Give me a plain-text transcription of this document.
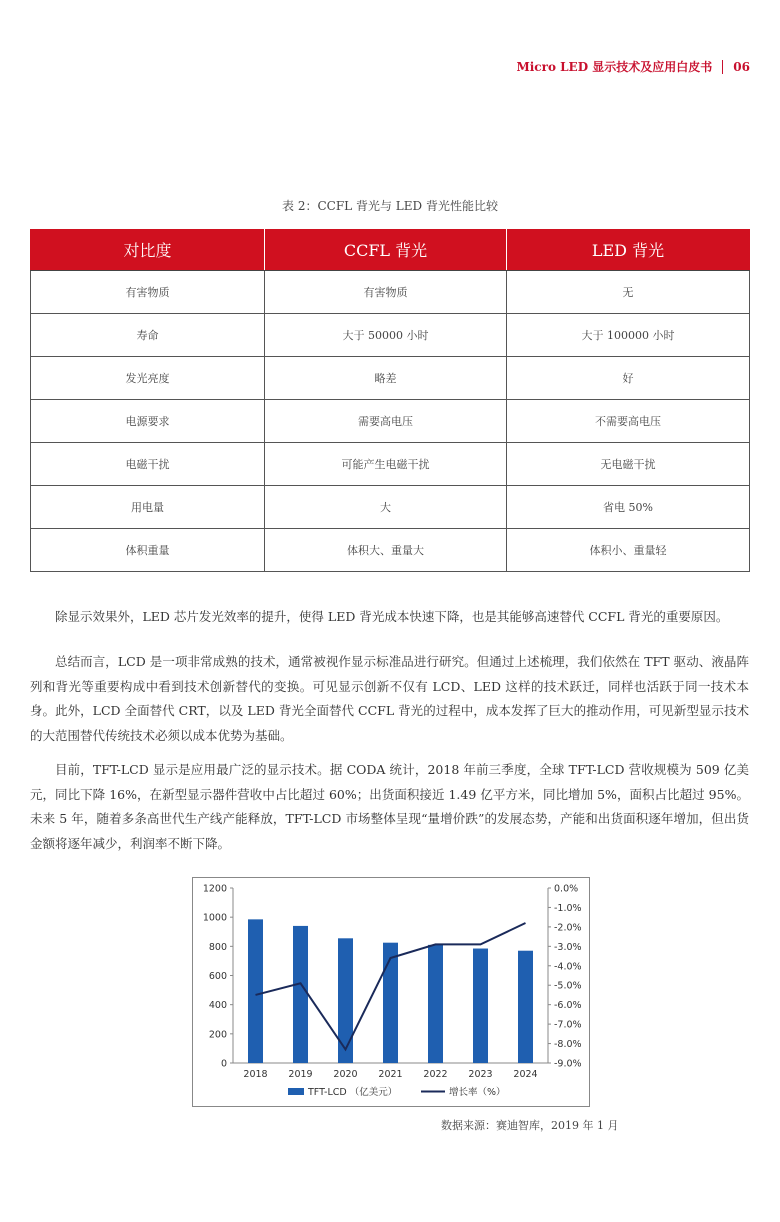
Micro LED 显示技术及应用白皮书 06
表 2：CCFL 背光与 LED 背光性能比较
对比度	CCFL 背光	LED 背光
有害物质	有害物质	无
寿命	大于 50000 小时	大于 100000 小时
发光亮度	略差	好
电源要求	需要高电压	不需要高电压
电磁干扰	可能产生电磁干扰	无电磁干扰
用电量	大	省电 50%
体积重量	体积大、重量大	体积小、重量轻

除显示效果外，LED 芯片发光效率的提升，使得 LED 背光成本快速下降，也是其能够高速替代 CCFL 背光的重要原因。

总结而言，LCD 是一项非常成熟的技术，通常被视作显示标准品进行研究。但通过上述梳理，我们依然在 TFT 驱动、液晶阵列和背光等重要构成中看到技术创新替代的变换。可见显示创新不仅有 LCD、LED 这样的技术跃迁，同样也活跃于同一技术本身。此外，LCD 全面替代 CRT，以及 LED 背光全面替代 CCFL 背光的过程中，成本发挥了巨大的推动作用，可见新型显示技术的大范围替代传统技术必须以成本优势为基础。

目前，TFT-LCD 显示是应用最广泛的显示技术。据 CODA 统计，2018 年前三季度，全球 TFT-LCD 营收规模为 509 亿美元，同比下降 16%，在新型显示器件营收中占比超过 60%；出货面积接近 1.49 亿平方米，同比增加 5%，面积占比超过 95%。未来 5 年，随着多条高世代生产线产能释放，TFT-LCD 市场整体呈现“量增价跌”的发展态势，产能和出货面积逐年增加，但出货金额将逐年减少，利润率不断下降。

0
200
400
600
800
1000
1200	0.0%
-1.0%
-2.0%
-3.0%
-4.0%
-5.0%
-6.0%
-7.0%
-8.0%
-9.0%
2018 2019 2020 2021 2022 2023 2024
TFT-LCD （亿美元）	增长率（%）
数据来源：赛迪智库，2019 年 1 月
